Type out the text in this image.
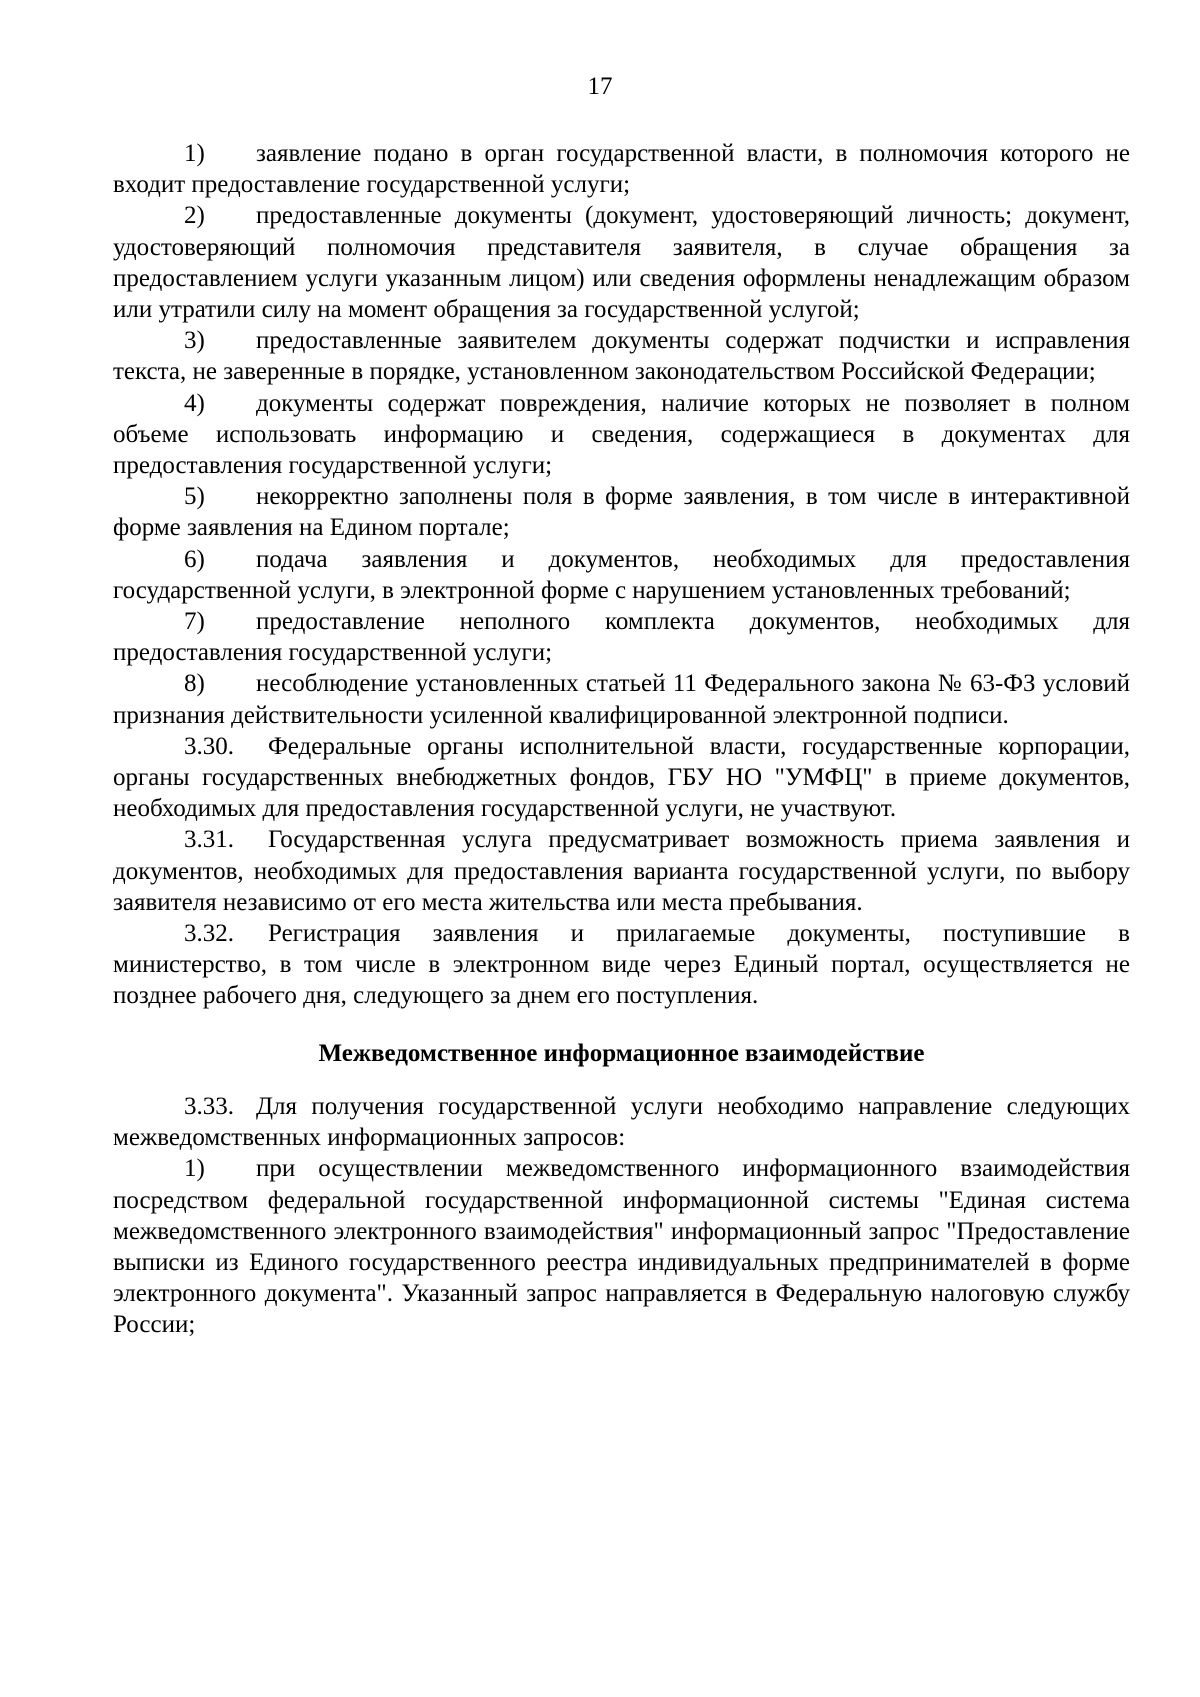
17

1) заявление подано в орган государственной власти, в полномочия которого не входит предоставление государственной услуги;

2) предоставленные документы (документ, удостоверяющий личность; документ, удостоверяющий полномочия представителя заявителя, в случае обращения за предоставлением услуги указанным лицом) или сведения оформлены ненадлежащим образом или утратили силу на момент обращения за государственной услугой;

3) предоставленные заявителем документы содержат подчистки и исправления текста, не заверенные в порядке, установленном законодательством Российской Федерации;

4) документы содержат повреждения, наличие которых не позволяет в полном объеме использовать информацию и сведения, содержащиеся в документах для предоставления государственной услуги;

5) некорректно заполнены поля в форме заявления, в том числе в интерактивной форме заявления на Едином портале;

6) подача заявления и документов, необходимых для предоставления государственной услуги, в электронной форме с нарушением установленных требований;

7) предоставление неполного комплекта документов, необходимых для предоставления государственной услуги;

8) несоблюдение установленных статьей 11 Федерального закона № 63-ФЗ условий признания действительности усиленной квалифицированной электронной подписи.

3.30. Федеральные органы исполнительной власти, государственные корпорации, органы государственных внебюджетных фондов, ГБУ НО "УМФЦ" в приеме документов, необходимых для предоставления государственной услуги, не участвуют.

3.31. Государственная услуга предусматривает возможность приема заявления и документов, необходимых для предоставления варианта государственной услуги, по выбору заявителя независимо от его места жительства или места пребывания.

3.32. Регистрация заявления и прилагаемые документы, поступившие в министерство, в том числе в электронном виде через Единый портал, осуществляется не позднее рабочего дня, следующего за днем его поступления.

Межведомственное информационное взаимодействие

3.33. Для получения государственной услуги необходимо направление следующих межведомственных информационных запросов:

1) при осуществлении межведомственного информационного взаимодействия посредством федеральной государственной информационной системы "Единая система межведомственного электронного взаимодействия" информационный запрос "Предоставление выписки из Единого государственного реестра индивидуальных предпринимателей в форме электронного документа". Указанный запрос направляется в Федеральную налоговую службу России;
